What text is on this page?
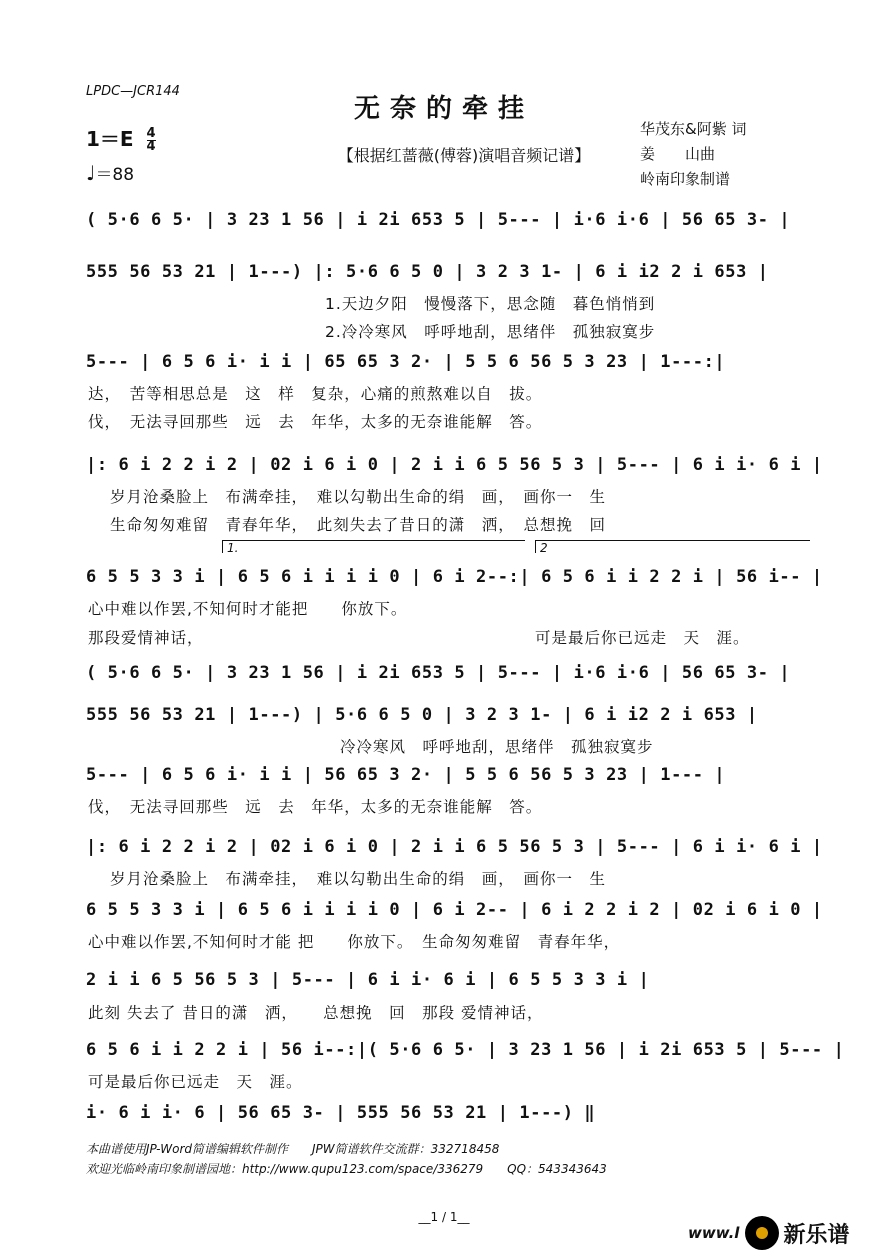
LPDC—JCR144
无奈的牵挂
$1=E \frac{4}{4}$
♩＝88
【根据红蔷薇(傅蓉)演唱音频记谱】
华茂东&阿紫 词
姜　　山曲
岭南印象制谱
( 5·6 6 5· | 3 23 1 56 | i 2i 653 5 | 5--- | i·6 i·6 | 56 65 3- |
555 56 53 21 | 1---) |: 5·6 6 5 0 | 3 2 3 1- | 6 i i2 2 i 653 |
1.天边夕阳　慢慢落下，思念随　暮色悄悄到
2.冷冷寒风　呼呼地刮，思绪伴　孤独寂寞步
5--- | 6 5 6 i· i i | 65 65 3 2· | 5 5 6 56 5 3 23 | 1---:|
达，　苦等相思总是　这　样　复杂，心痛的煎熬难以自　拔。
伐，　无法寻回那些　远　去　年华，太多的无奈谁能解　答。
|: 6 i 2 2 i 2 | 02 i 6 i 0 | 2 i i 6 5 56 5 3 | 5--- | 6 i i· 6 i |
岁月沧桑脸上　布满牵挂，　难以勾勒出生命的绢　画，　画你一　生
生命匆匆难留　青春年华，　此刻失去了昔日的潇　洒，　总想挽　回
1.	2
6 5 5 3 3 i | 6 5 6 i i i i 0 | 6 i 2--:| 6 5 6 i i 2 2 i | 56 i-- |
心中难以作罢,不知何时才能把　　你放下。
那段爱情神话，	可是最后你已远走　天　涯。
( 5·6 6 5· | 3 23 1 56 | i 2i 653 5 | 5--- | i·6 i·6 | 56 65 3- |
555 56 53 21 | 1---) | 5·6 6 5 0 | 3 2 3 1- | 6 i i2 2 i 653 |
冷冷寒风　呼呼地刮，思绪伴　孤独寂寞步
5--- | 6 5 6 i· i i | 56 65 3 2· | 5 5 6 56 5 3 23 | 1--- |
伐，　无法寻回那些　远　去　年华，太多的无奈谁能解　答。
|: 6 i 2 2 i 2 | 02 i 6 i 0 | 2 i i 6 5 56 5 3 | 5--- | 6 i i· 6 i |
岁月沧桑脸上　布满牵挂，　难以勾勒出生命的绢　画，　画你一　生
6 5 5 3 3 i | 6 5 6 i i i i 0 | 6 i 2-- | 6 i 2 2 i 2 | 02 i 6 i 0 |
心中难以作罢,不知何时才能 把　　你放下。　生命匆匆难留　青春年华，
2 i i 6 5 56 5 3 | 5--- | 6 i i· 6 i | 6 5 5 3 3 i |
此刻 失去了 昔日的潇　洒，　　总想挽　回　那段 爱情神话，
6 5 6 i i 2 2 i | 56 i--:|( 5·6 6 5· | 3 23 1 56 | i 2i 653 5 | 5--- |
可是最后你已远走　天　涯。
i· 6 i i· 6 | 56 65 3- | 555 56 53 21 | 1---) ‖
本曲谱使用JP-Word简谱编辑软件制作　　JPW简谱软件交流群：332718458
欢迎光临岭南印象制谱园地：http://www.qupu123.com/space/336279　　QQ：543343643
__1 / 1__
www.l 新乐谱
